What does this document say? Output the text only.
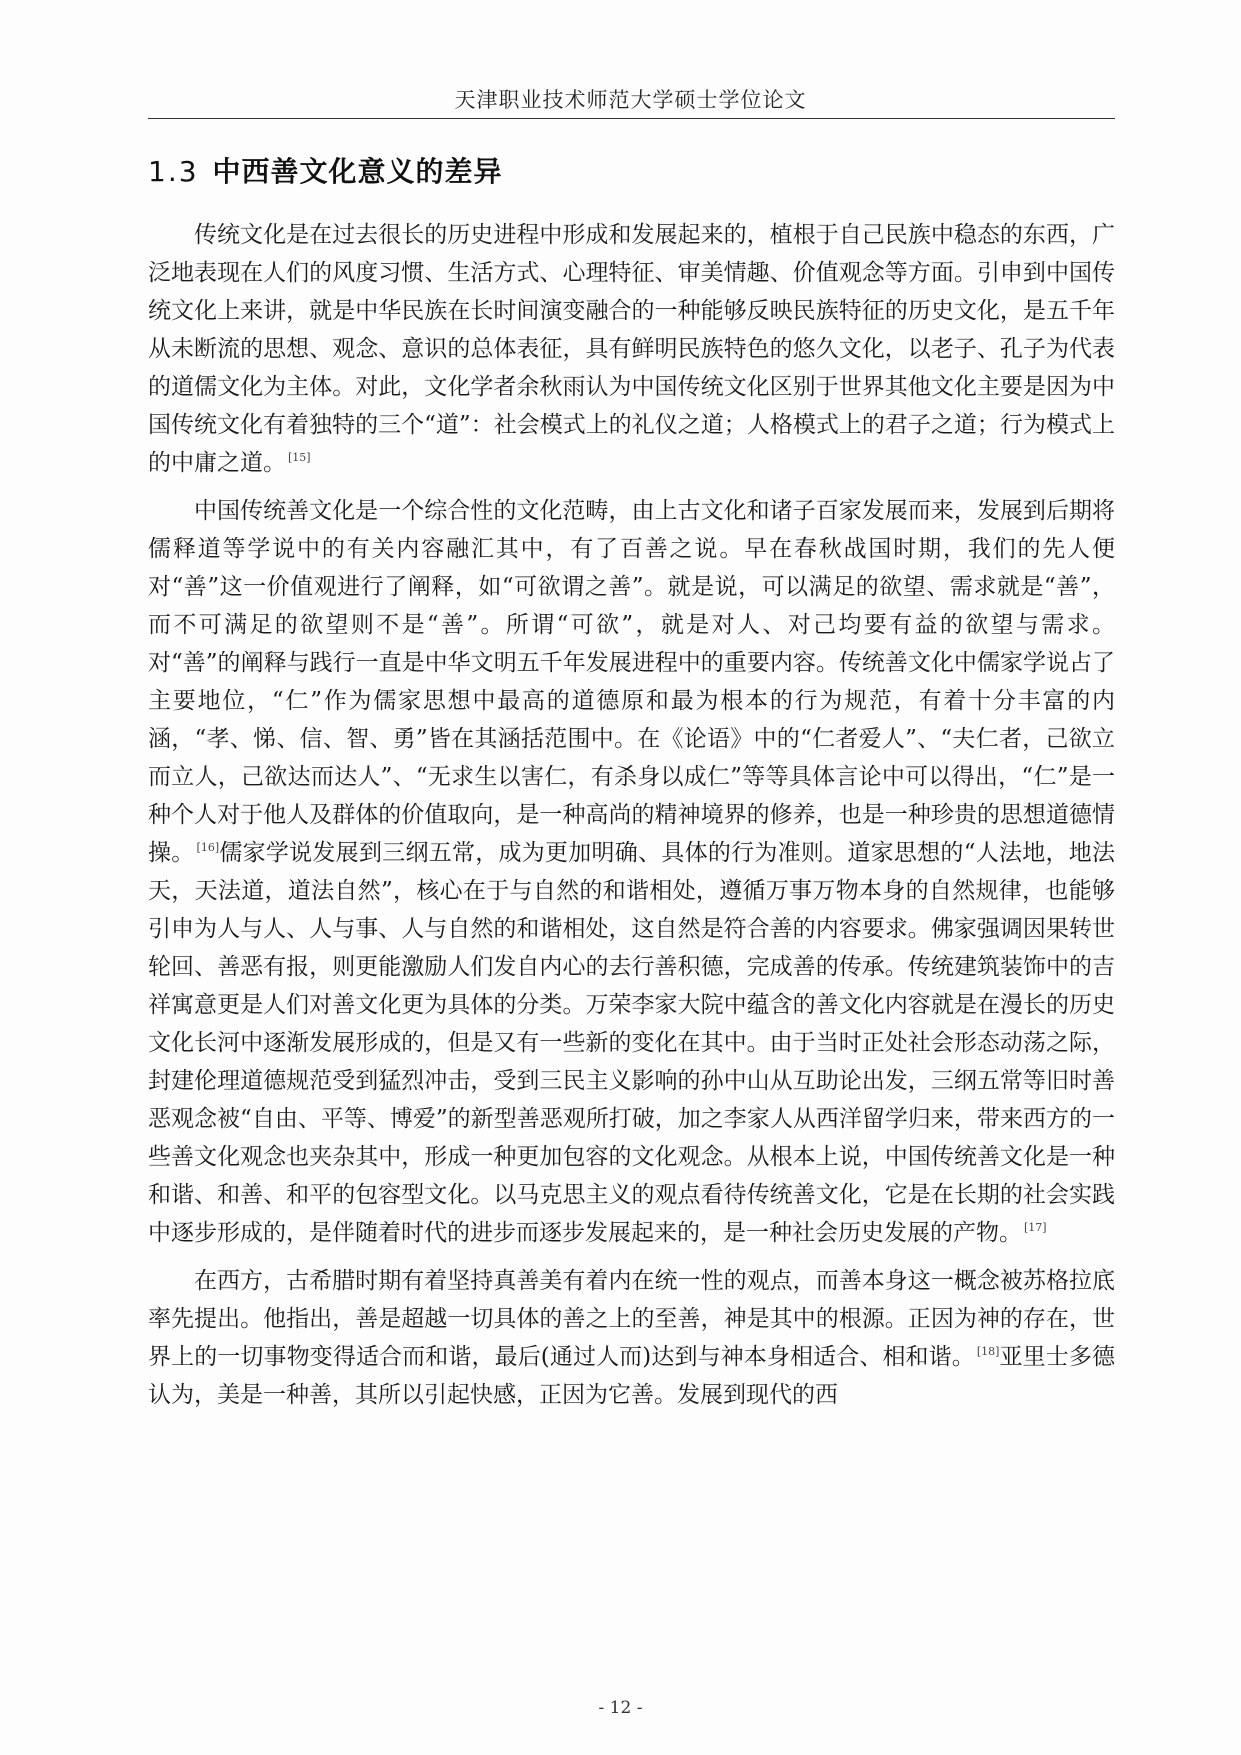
天津职业技术师范大学硕士学位论文
1.3 中西善文化意义的差异

传统文化是在过去很长的历史进程中形成和发展起来的，植根于自己民族中稳态的东西，广泛地表现在人们的风度习惯、生活方式、心理特征、审美情趣、价值观念等方面。引申到中国传统文化上来讲，就是中华民族在长时间演变融合的一种能够反映民族特征的历史文化，是五千年从未断流的思想、观念、意识的总体表征，具有鲜明民族特色的悠久文化，以老子、孔子为代表的道儒文化为主体。对此，文化学者余秋雨认为中国传统文化区别于世界其他文化主要是因为中国传统文化有着独特的三个“道”：社会模式上的礼仪之道；人格模式上的君子之道；行为模式上的中庸之道。 [15]

中国传统善文化是一个综合性的文化范畴，由上古文化和诸子百家发展而来，发展到后期将儒释道等学说中的有关内容融汇其中，有了百善之说。早在春秋战国时期，我们的先人便对“善”这一价值观进行了阐释，如“可欲谓之善”。就是说，可以满足的欲望、需求就是“善”，而不可满足的欲望则不是“善”。所谓“可欲”，就是对人、对己均要有益的欲望与需求。对“善”的阐释与践行一直是中华文明五千年发展进程中的重要内容。传统善文化中儒家学说占了主要地位，“仁”作为儒家思想中最高的道德原和最为根本的行为规范，有着十分丰富的内涵，“孝、悌、信、智、勇”皆在其涵括范围中。在《论语》中的“仁者爱人”、“夫仁者，己欲立而立人，己欲达而达人”、“无求生以害仁，有杀身以成仁”等等具体言论中可以得出，“仁”是一种个人对于他人及群体的价值取向，是一种高尚的精神境界的修养，也是一种珍贵的思想道德情操。 [16]儒家学说发展到三纲五常，成为更加明确、具体的行为准则。道家思想的“人法地，地法天，天法道，道法自然”，核心在于与自然的和谐相处，遵循万事万物本身的自然规律，也能够引申为人与人、人与事、人与自然的和谐相处，这自然是符合善的内容要求。佛家强调因果转世轮回、善恶有报，则更能激励人们发自内心的去行善积德，完成善的传承。传统建筑装饰中的吉祥寓意更是人们对善文化更为具体的分类。万荣李家大院中蕴含的善文化内容就是在漫长的历史文化长河中逐渐发展形成的，但是又有一些新的变化在其中。由于当时正处社会形态动荡之际，封建伦理道德规范受到猛烈冲击，受到三民主义影响的孙中山从互助论出发，三纲五常等旧时善恶观念被“自由、平等、博爱”的新型善恶观所打破，加之李家人从西洋留学归来，带来西方的一些善文化观念也夹杂其中，形成一种更加包容的文化观念。从根本上说，中国传统善文化是一种和谐、和善、和平的包容型文化。以马克思主义的观点看待传统善文化，它是在长期的社会实践中逐步形成的，是伴随着时代的进步而逐步发展起来的，是一种社会历史发展的产物。 [17]

在西方，古希腊时期有着坚持真善美有着内在统一性的观点，而善本身这一概念被苏格拉底率先提出。他指出，善是超越一切具体的善之上的至善，神是其中的根源。正因为神的存在，世界上的一切事物变得适合而和谐，最后(通过人而)达到与神本身相适合、相和谐。 [18]亚里士多德认为，美是一种善，其所以引起快感，正因为它善。发展到现代的西

- 12 -
